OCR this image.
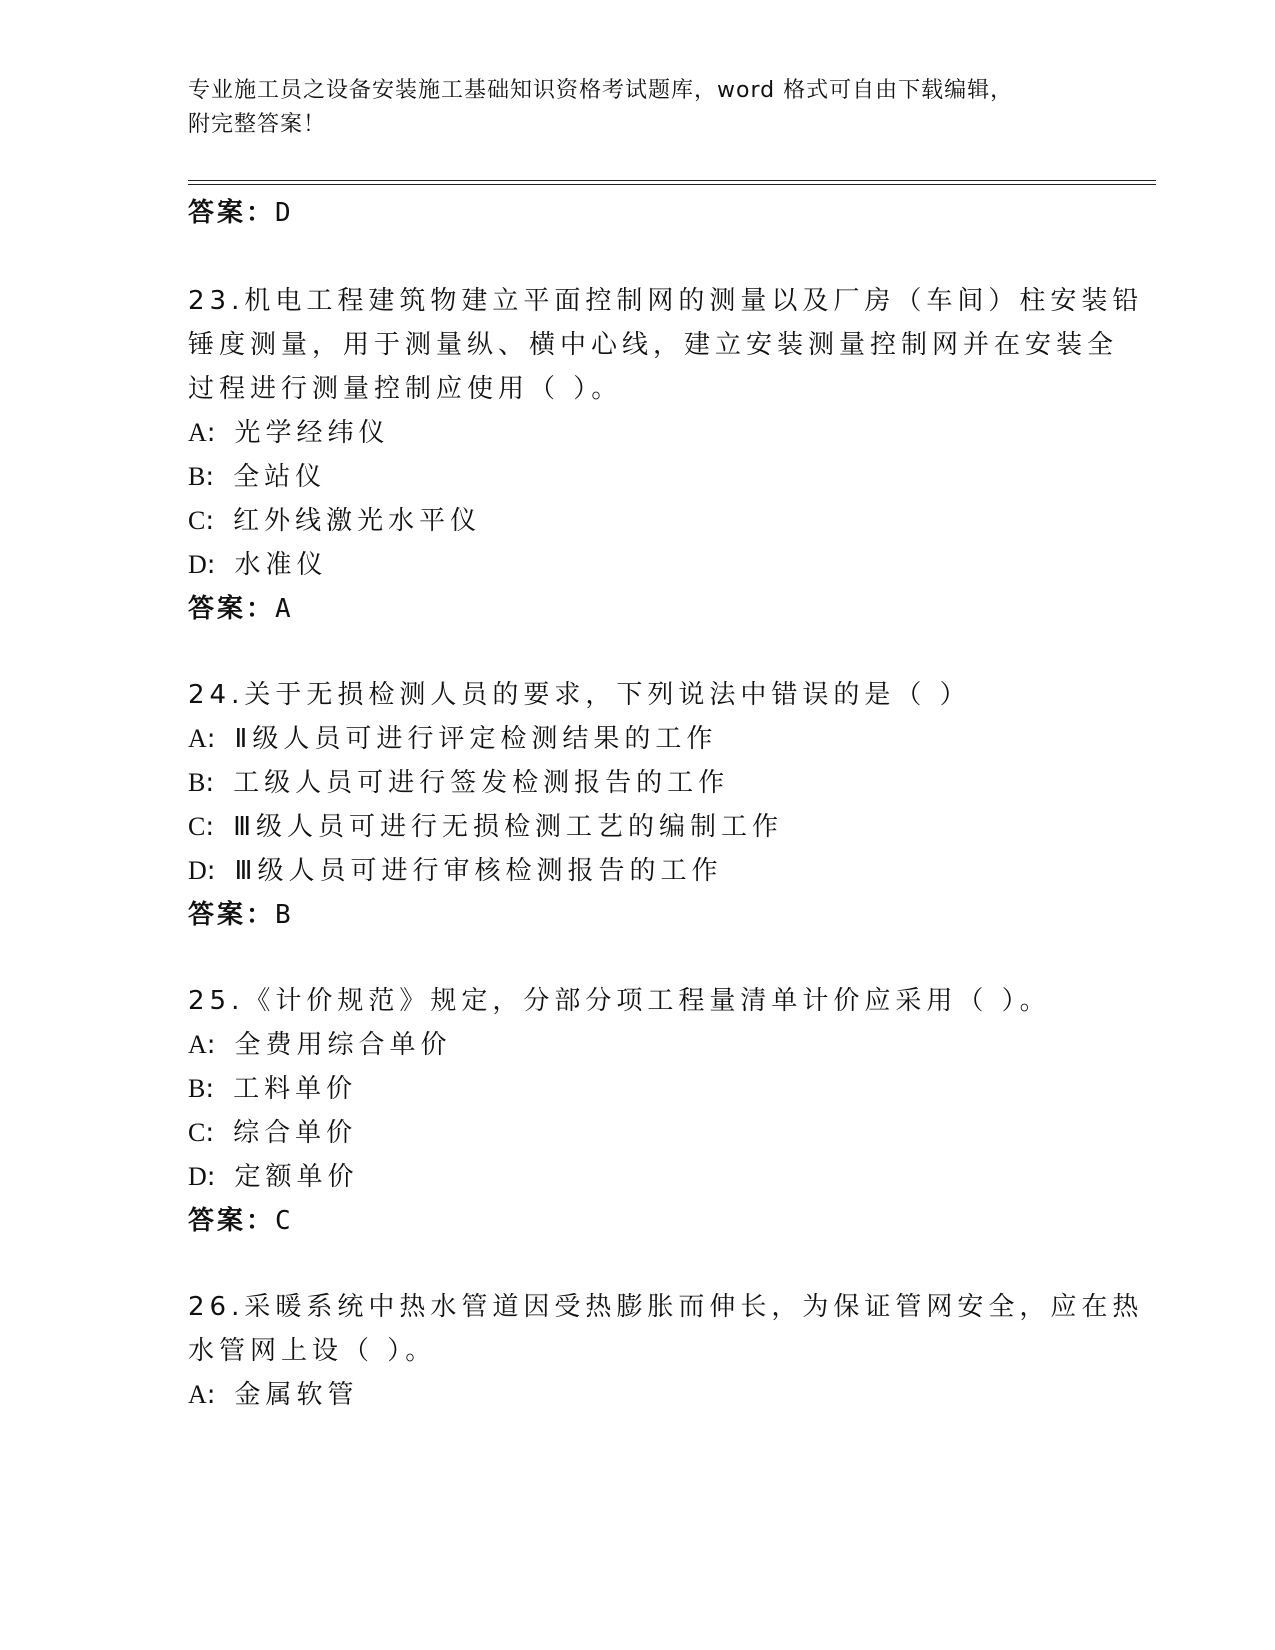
专业施工员之设备安装施工基础知识资格考试题库，word 格式可自由下载编辑，
附完整答案！
答案：D
23.机电工程建筑物建立平面控制网的测量以及厂房（车间）柱安装铅
锤度测量，用于测量纵、横中心线，建立安装测量控制网并在安装全
过程进行测量控制应使用（ ）。
A: 光学经纬仪
B: 全站仪
C: 红外线激光水平仪
D: 水准仪
答案：A
24.关于无损检测人员的要求，下列说法中错误的是（ ）
A: Ⅱ级人员可进行评定检测结果的工作
B: 工级人员可进行签发检测报告的工作
C: Ⅲ级人员可进行无损检测工艺的编制工作
D: Ⅲ级人员可进行审核检测报告的工作
答案：B
25.《计价规范》规定，分部分项工程量清单计价应采用（ ）。
A: 全费用综合单价
B: 工料单价
C: 综合单价
D: 定额单价
答案：C
26.采暖系统中热水管道因受热膨胀而伸长，为保证管网安全，应在热
水管网上设（ ）。
A: 金属软管
